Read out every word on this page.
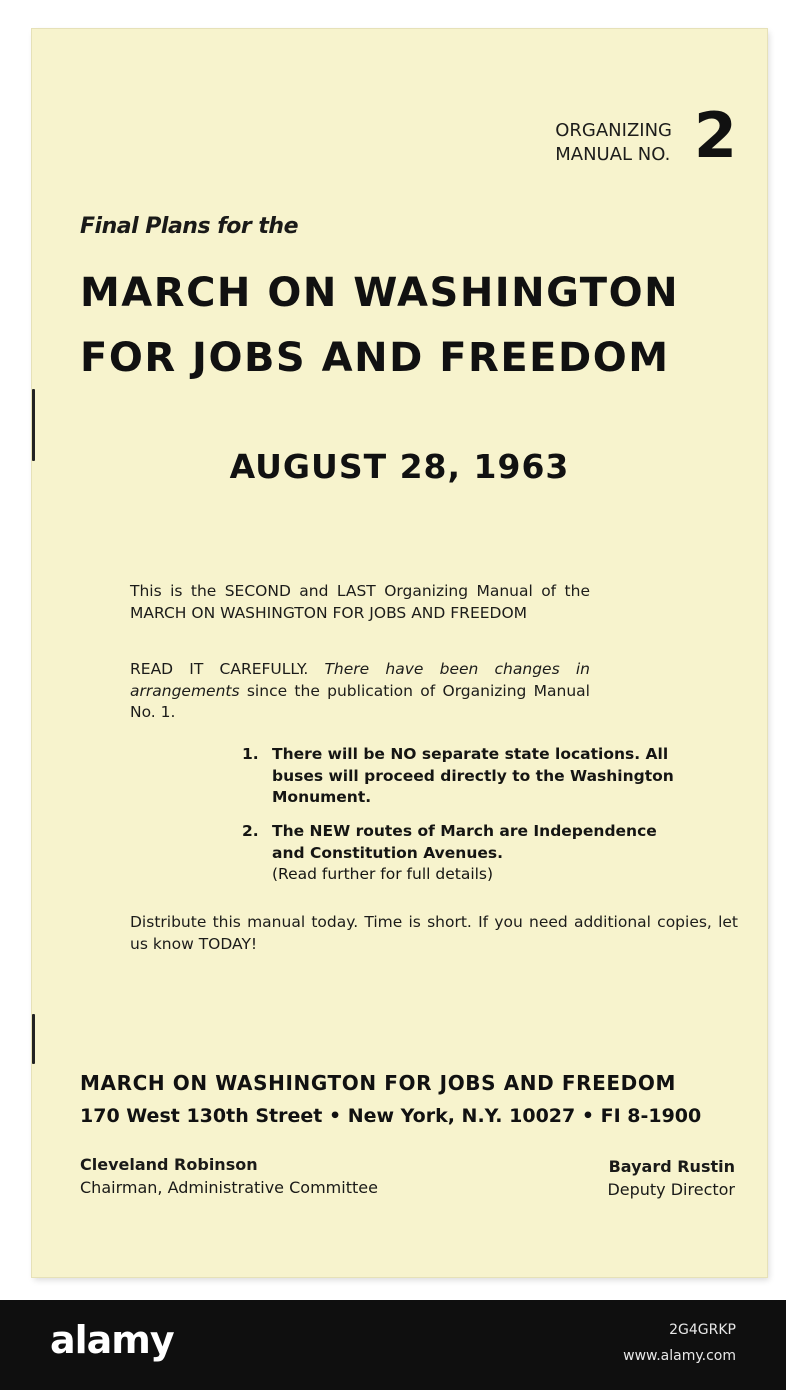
ORGANIZING
MANUAL NO. 2
Final Plans for the
MARCH ON WASHINGTON
FOR JOBS AND FREEDOM
AUGUST 28, 1963

This is the SECOND and LAST Organizing Manual of the MARCH ON WASHINGTON FOR JOBS AND FREEDOM

READ IT CAREFULLY. There have been changes in arrangements since the publication of Organizing Manual No. 1.

1. There will be NO separate state locations. All buses will proceed directly to the Washington Monument.
2. The NEW routes of March are Independence and Constitution Avenues.
(Read further for full details)

Distribute this manual today. Time is short. If you need additional copies, let us know TODAY!

MARCH ON WASHINGTON FOR JOBS AND FREEDOM
170 West 130th Street • New York, N.Y. 10027 • FI 8-1900
Cleveland Robinson
Chairman, Administrative Committee
Bayard Rustin
Deputy Director
alamy	2G4GRKP
www.alamy.com
